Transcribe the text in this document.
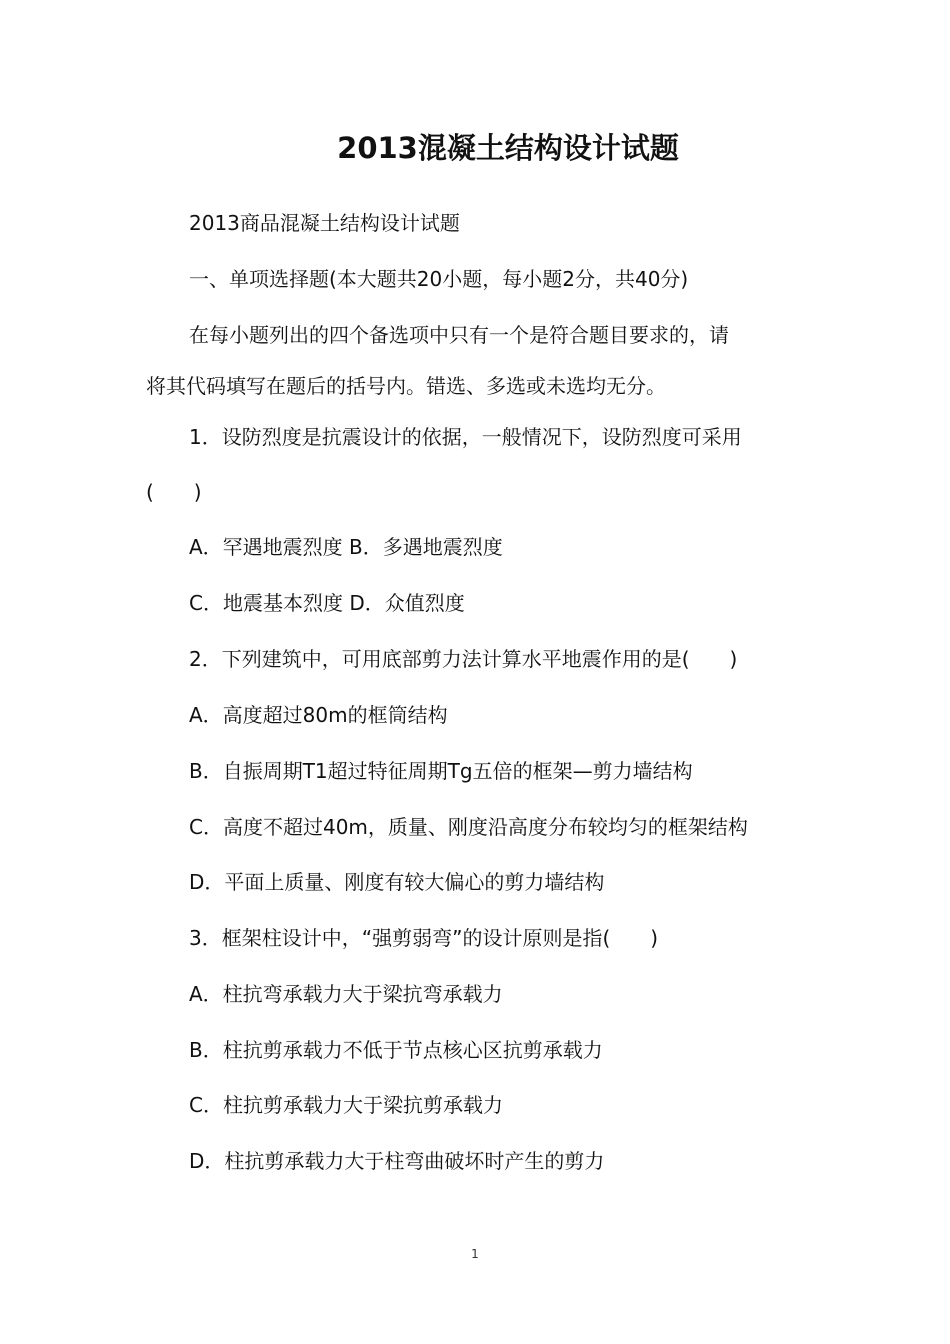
2013混凝土结构设计试题
2013商品混凝土结构设计试题
一、单项选择题(本大题共20小题，每小题2分，共40分)
在每小题列出的四个备选项中只有一个是符合题目要求的，请
将其代码填写在题后的括号内。错选、多选或未选均无分。
1．设防烈度是抗震设计的依据，一般情况下，设防烈度可采用
(　　)
A．罕遇地震烈度 B．多遇地震烈度
C．地震基本烈度 D．众值烈度
2．下列建筑中，可用底部剪力法计算水平地震作用的是(　　)
A．高度超过80m的框筒结构
B．自振周期T1超过特征周期Tg五倍的框架—剪力墙结构
C．高度不超过40m，质量、刚度沿高度分布较均匀的框架结构
D．平面上质量、刚度有较大偏心的剪力墙结构
3．框架柱设计中，“强剪弱弯”的设计原则是指(　　)
A．柱抗弯承载力大于梁抗弯承载力
B．柱抗剪承载力不低于节点核心区抗剪承载力
C．柱抗剪承载力大于梁抗剪承载力
D．柱抗剪承载力大于柱弯曲破坏时产生的剪力
1
